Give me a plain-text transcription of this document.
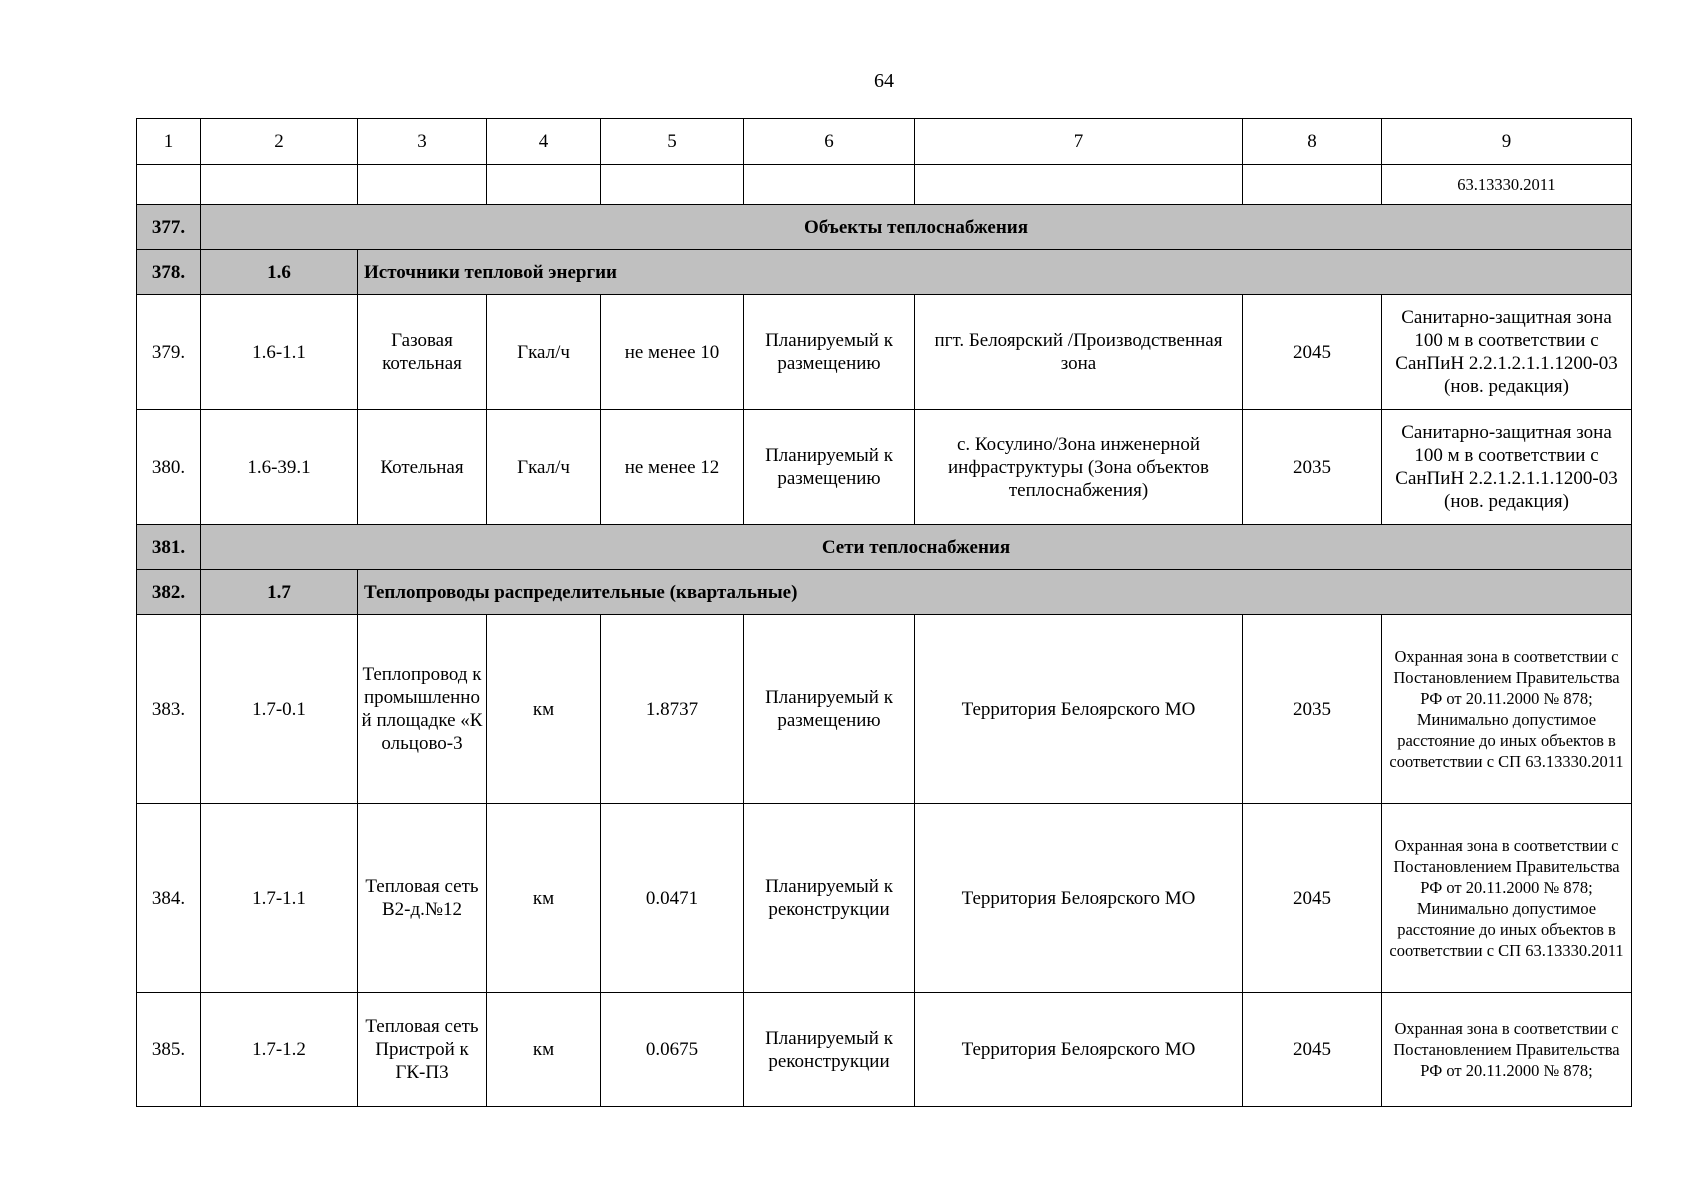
64
1	2	3	4	5	6	7	8	9
								63.13330.2011
377.	Объекты теплоснабжения							
378.	1.6	Источники тепловой энергии						
379.	1.6-1.1	Газовая котельная	Гкал/ч	не менее 10	Планируемый к размещению	пгт. Белоярский /Производственная зона	2045	Санитарно-защитная зона 100 м в соответствии с СанПиН 2.2.1.2.1.1.1200-03 (нов. редакция)
380.	1.6-39.1	Котельная	Гкал/ч	не менее 12	Планируемый к размещению	с. Косулино/Зона инженерной инфраструктуры (Зона объектов теплоснабжения)	2035	Санитарно-защитная зона 100 м в соответствии с СанПиН 2.2.1.2.1.1.1200-03 (нов. редакция)
381.	Сети теплоснабжения							
382.	1.7	Теплопроводы распределительные (квартальные)						
383.	1.7-0.1	Теплопровод к промышленной площадке «Кольцово-3	км	1.8737	Планируемый к размещению	Территория Белоярского МО	2035	Охранная зона в соответствии с Постановлением Правительства РФ от 20.11.2000 № 878; Минимально допустимое расстояние до иных объектов в соответствии с СП 63.13330.2011
384.	1.7-1.1	Тепловая сеть В2-д.№12	км	0.0471	Планируемый к реконструкции	Территория Белоярского МО	2045	Охранная зона в соответствии с Постановлением Правительства РФ от 20.11.2000 № 878; Минимально допустимое расстояние до иных объектов в соответствии с СП 63.13330.2011
385.	1.7-1.2	Тепловая сеть Пристрой к ГК-П3	км	0.0675	Планируемый к реконструкции	Территория Белоярского МО	2045	Охранная зона в соответствии с Постановлением Правительства РФ от 20.11.2000 № 878;
